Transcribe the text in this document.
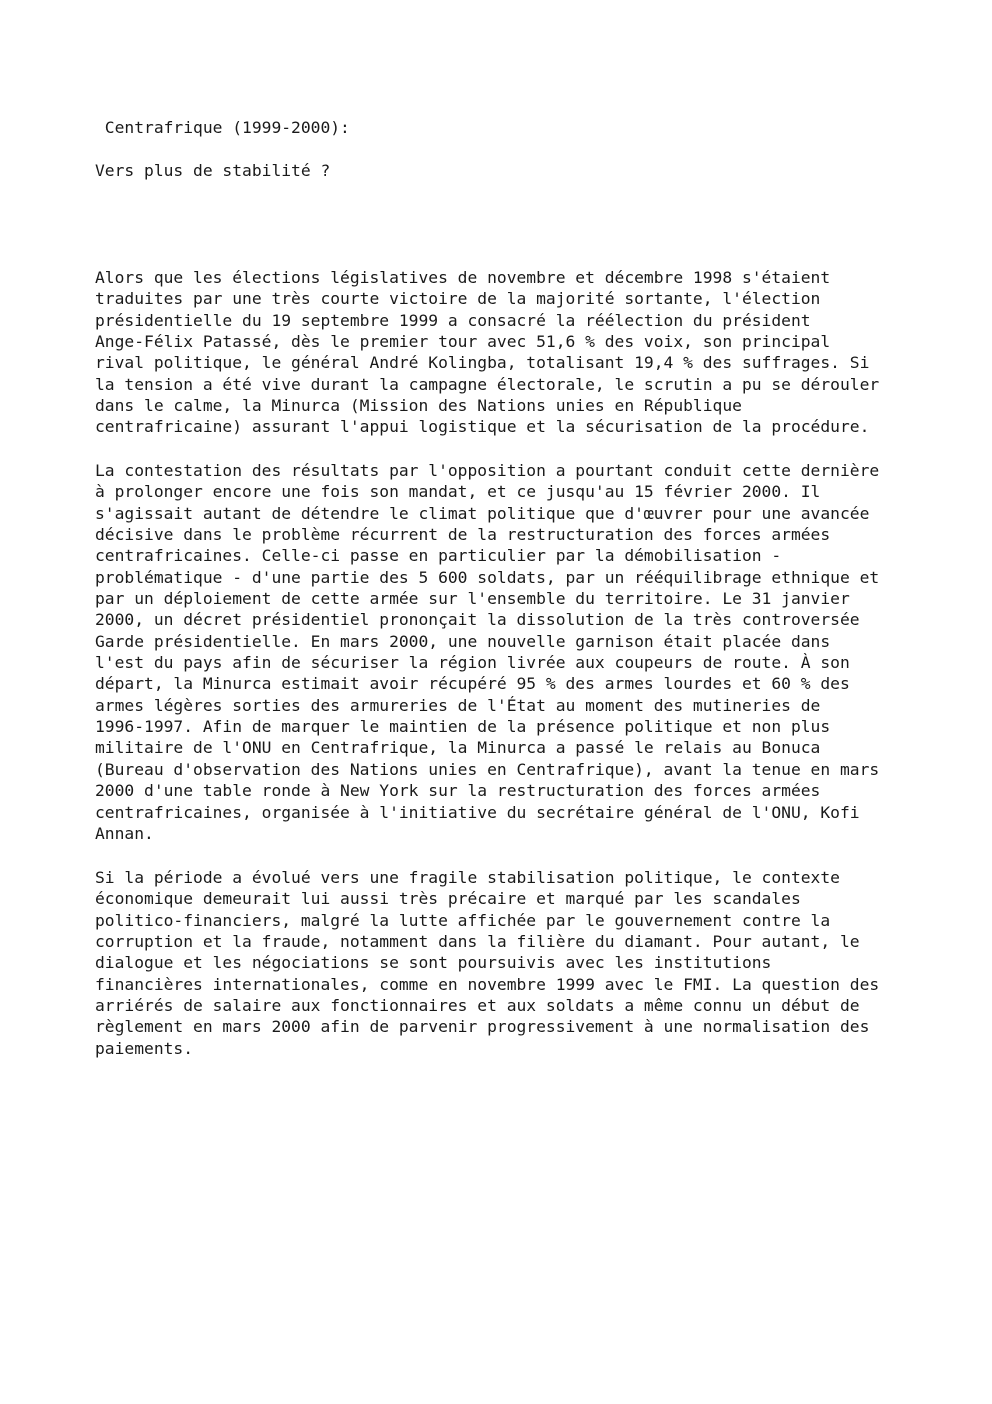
Centrafrique (1999-2000):

Vers plus de stabilité ?

Alors que les élections législatives de novembre et décembre 1998 s'étaient
traduites par une très courte victoire de la majorité sortante, l'élection
présidentielle du 19 septembre 1999 a consacré la réélection du président
Ange-Félix Patassé, dès le premier tour avec 51,6 % des voix, son principal
rival politique, le général André Kolingba, totalisant 19,4 % des suffrages. Si
la tension a été vive durant la campagne électorale, le scrutin a pu se dérouler
dans le calme, la Minurca (Mission des Nations unies en République
centrafricaine) assurant l'appui logistique et la sécurisation de la procédure.

La contestation des résultats par l'opposition a pourtant conduit cette dernière
à prolonger encore une fois son mandat, et ce jusqu'au 15 février 2000. Il
s'agissait autant de détendre le climat politique que d'œuvrer pour une avancée
décisive dans le problème récurrent de la restructuration des forces armées
centrafricaines. Celle-ci passe en particulier par la démobilisation -
problématique - d'une partie des 5 600 soldats, par un rééquilibrage ethnique et
par un déploiement de cette armée sur l'ensemble du territoire. Le 31 janvier
2000, un décret présidentiel prononçait la dissolution de la très controversée
Garde présidentielle. En mars 2000, une nouvelle garnison était placée dans
l'est du pays afin de sécuriser la région livrée aux coupeurs de route. À son
départ, la Minurca estimait avoir récupéré 95 % des armes lourdes et 60 % des
armes légères sorties des armureries de l'État au moment des mutineries de
1996-1997. Afin de marquer le maintien de la présence politique et non plus
militaire de l'ONU en Centrafrique, la Minurca a passé le relais au Bonuca
(Bureau d'observation des Nations unies en Centrafrique), avant la tenue en mars
2000 d'une table ronde à New York sur la restructuration des forces armées
centrafricaines, organisée à l'initiative du secrétaire général de l'ONU, Kofi
Annan.

Si la période a évolué vers une fragile stabilisation politique, le contexte
économique demeurait lui aussi très précaire et marqué par les scandales
politico-financiers, malgré la lutte affichée par le gouvernement contre la
corruption et la fraude, notamment dans la filière du diamant. Pour autant, le
dialogue et les négociations se sont poursuivis avec les institutions
financières internationales, comme en novembre 1999 avec le FMI. La question des
arriérés de salaire aux fonctionnaires et aux soldats a même connu un début de
règlement en mars 2000 afin de parvenir progressivement à une normalisation des
paiements.
